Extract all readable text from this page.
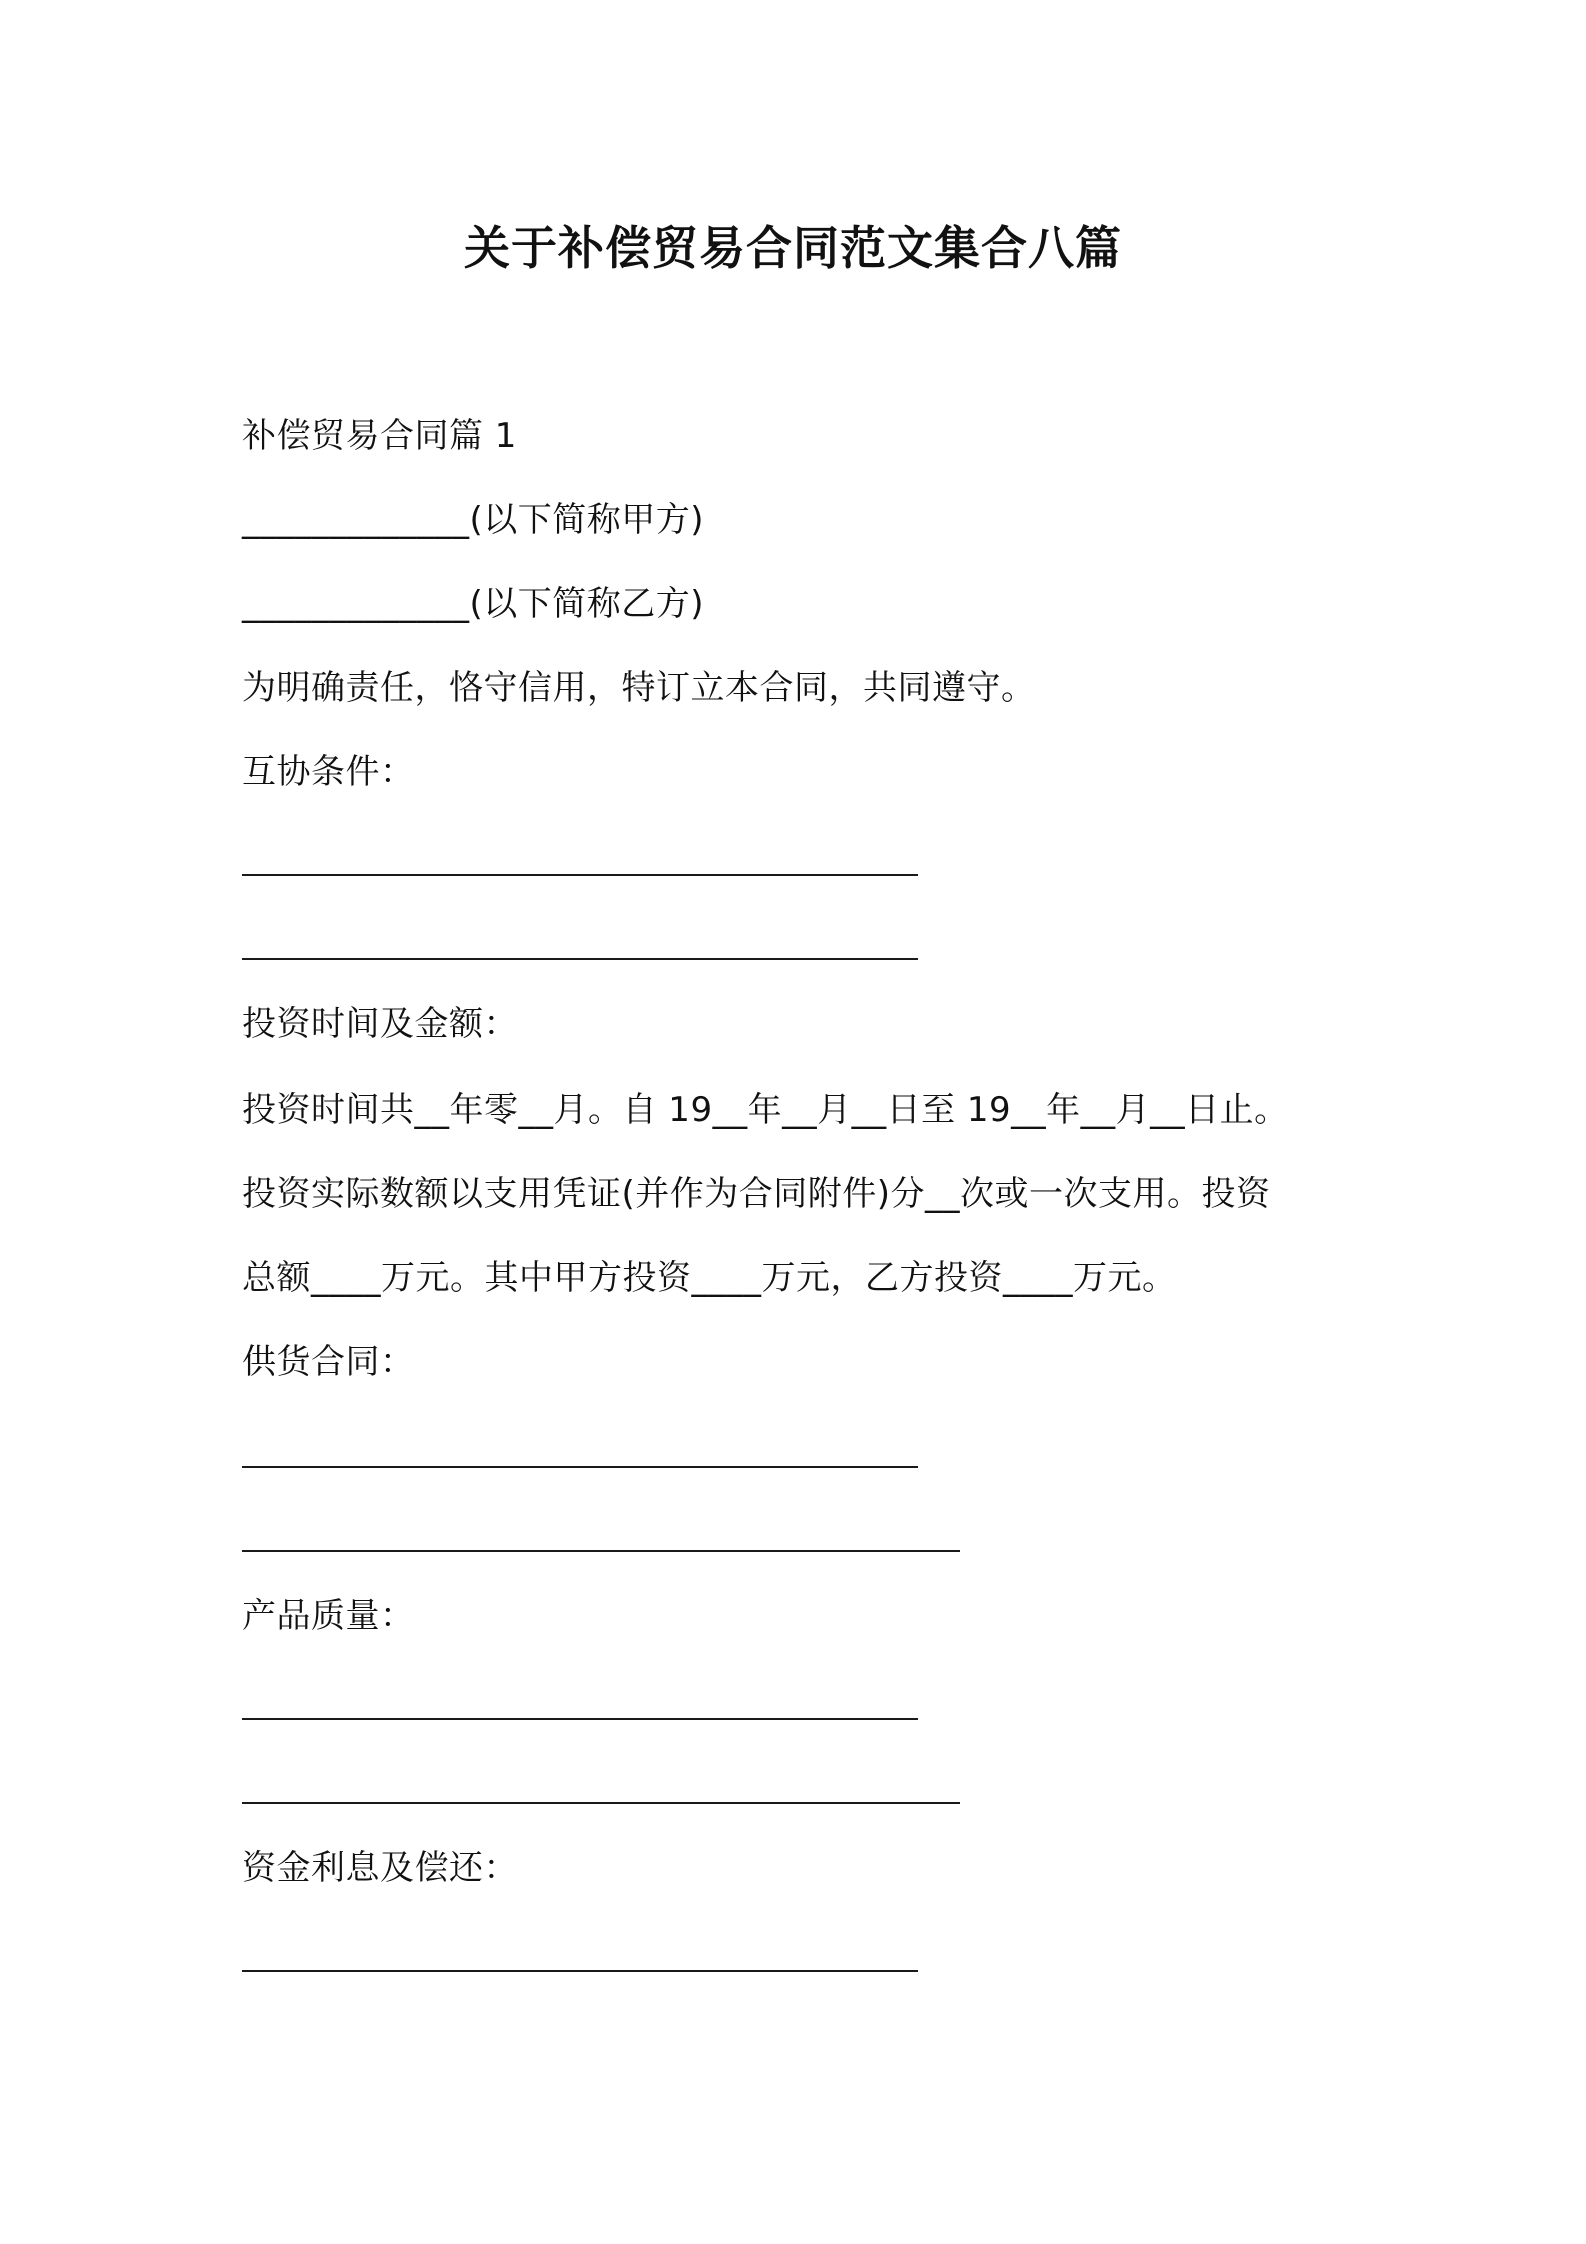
关于补偿贸易合同范文集合八篇
补偿贸易合同篇 1
_____________(以下简称甲方)
_____________(以下简称乙方)
为明确责任，恪守信用，特订立本合同，共同遵守。
互协条件：
投资时间及金额：
投资时间共__年零__月。自 19__年__月__日至 19__年__月__日止。
投资实际数额以支用凭证(并作为合同附件)分__次或一次支用。投资
总额____万元。其中甲方投资____万元，乙方投资____万元。
供货合同：
产品质量：
资金利息及偿还：
